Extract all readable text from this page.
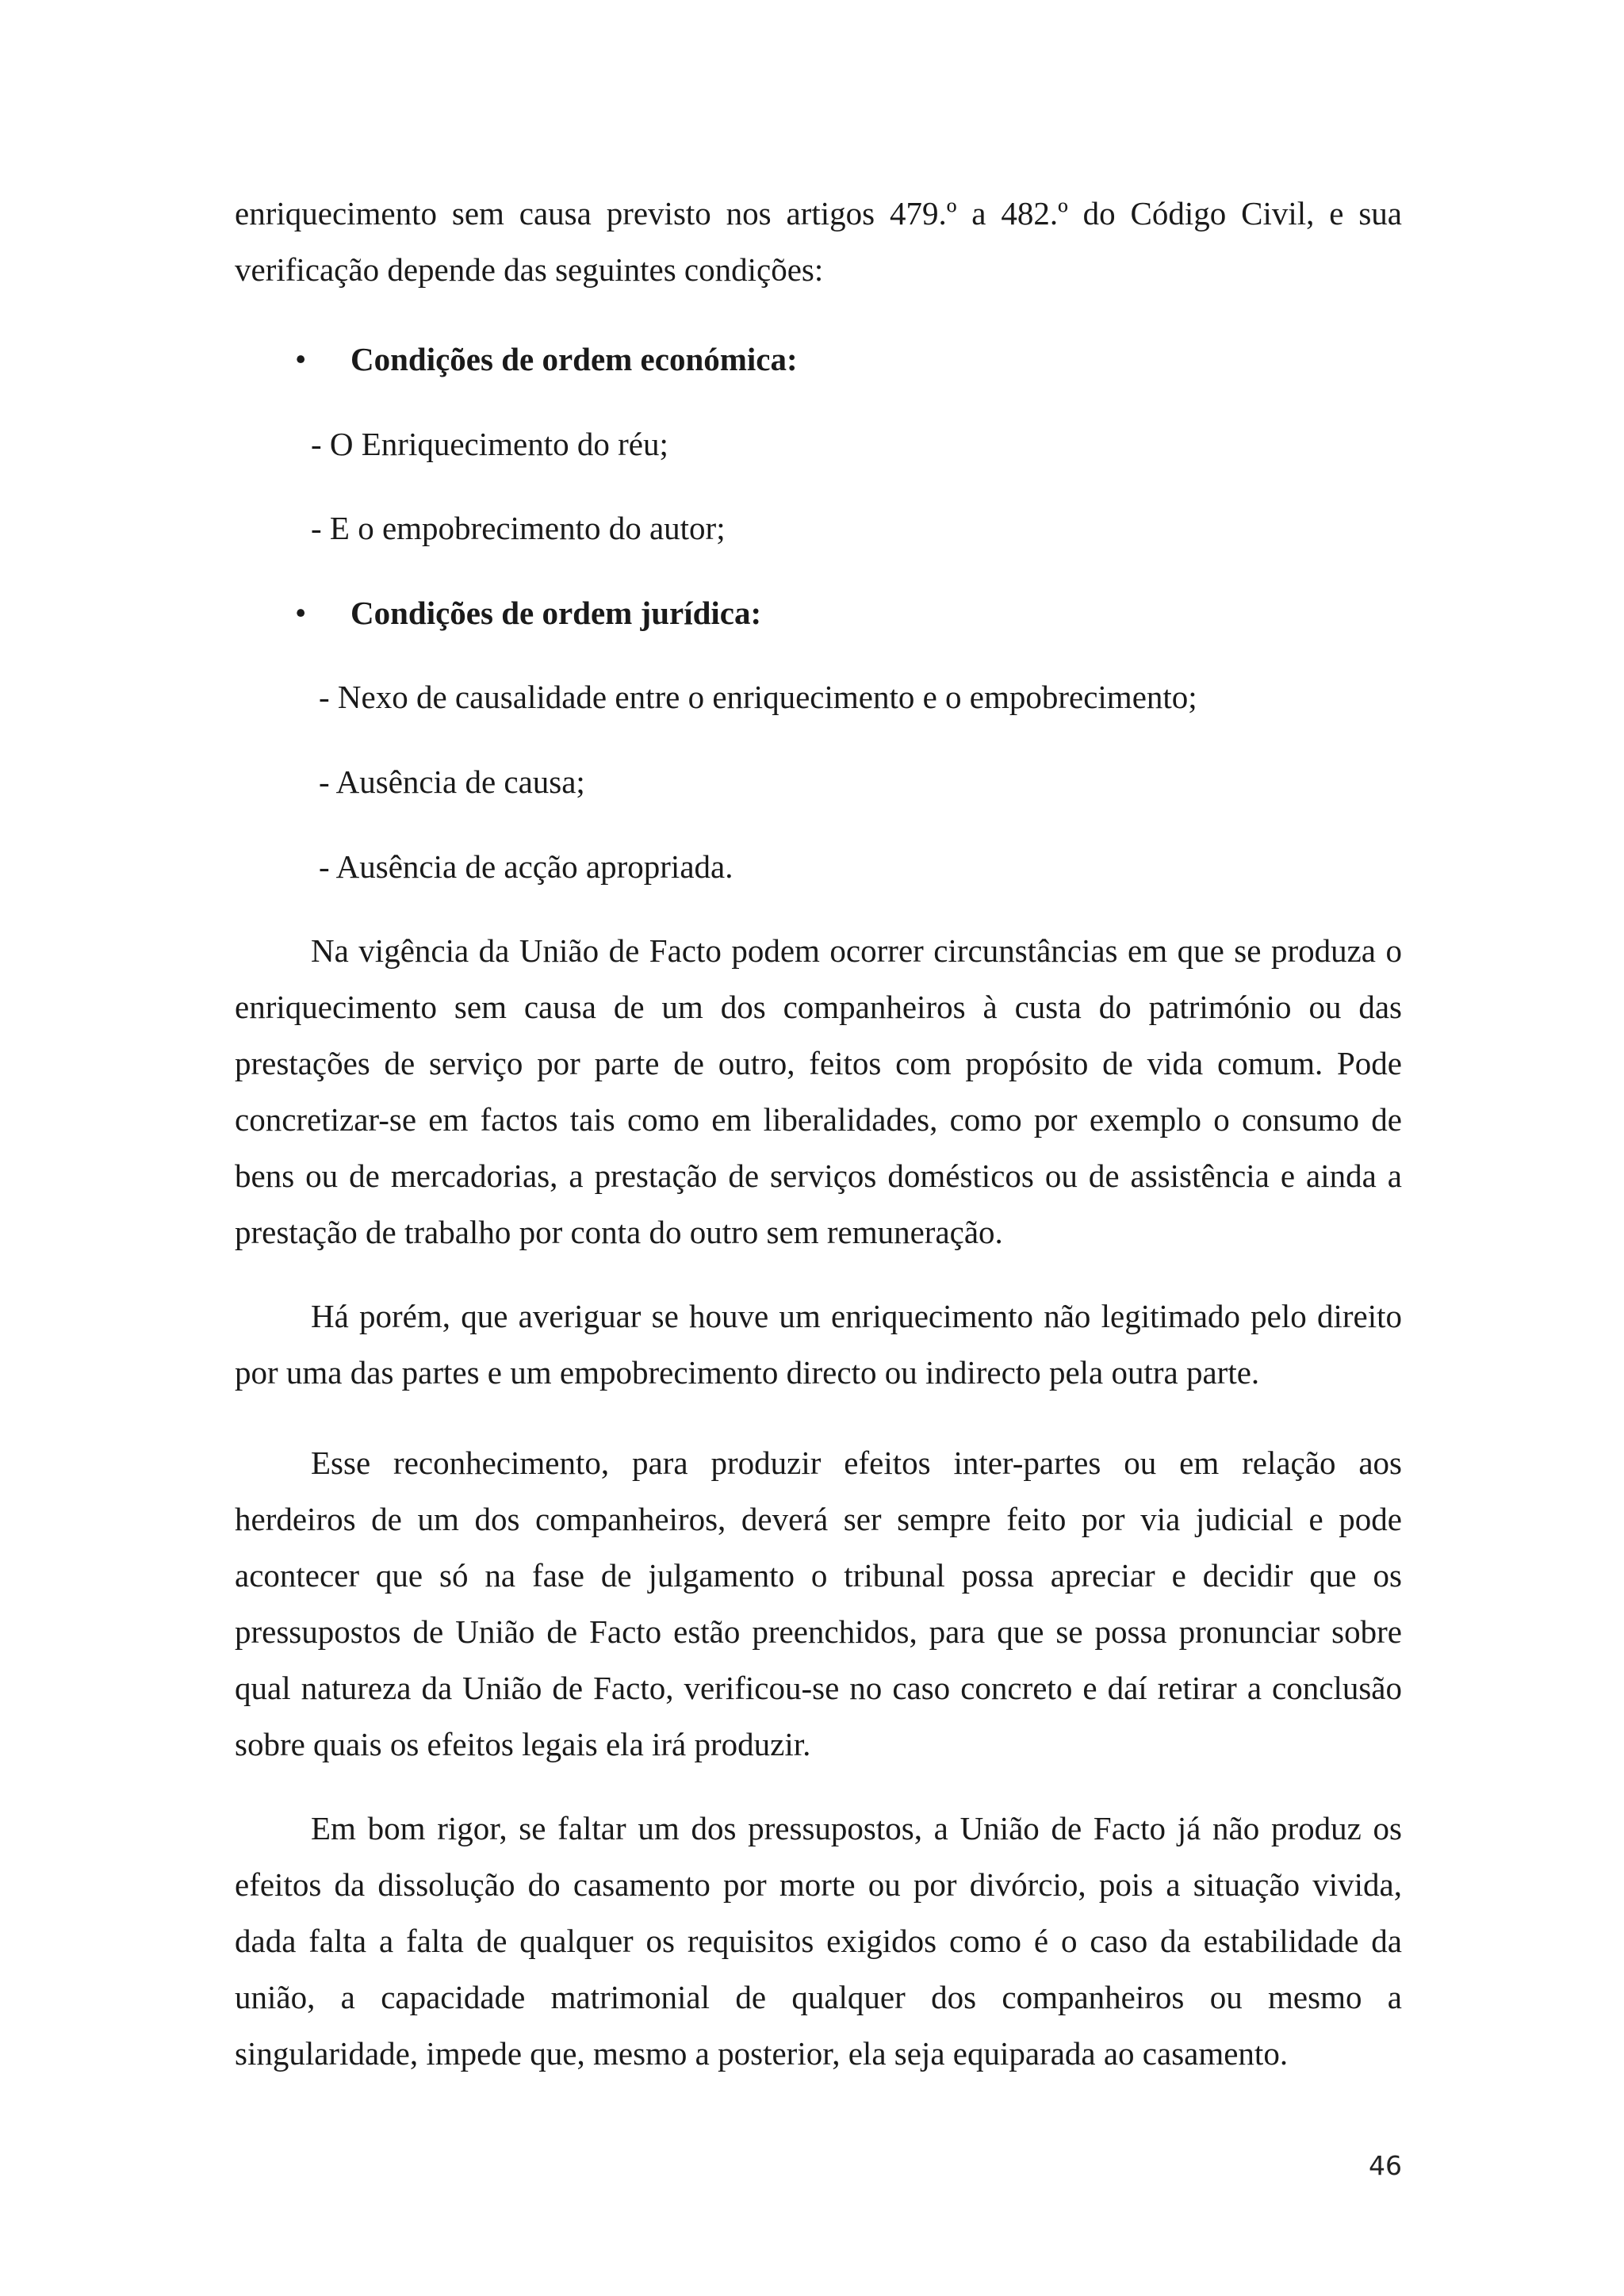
enriquecimento sem causa previsto nos artigos 479.º a 482.º do Código Civil, e sua
verificação depende das seguintes condições:
• Condições de ordem económica:
- O Enriquecimento do réu;
- E o empobrecimento do autor;
• Condições de ordem jurídica:
- Nexo de causalidade entre o enriquecimento e o empobrecimento;
- Ausência de causa;
- Ausência de acção apropriada.
Na vigência da União de Facto podem ocorrer circunstâncias em que se produza o
enriquecimento sem causa de um dos companheiros à custa do património ou das
prestações de serviço por parte de outro, feitos com propósito de vida comum. Pode
concretizar-se em factos tais como em liberalidades, como por exemplo o consumo de
bens ou de mercadorias, a prestação de serviços domésticos ou de assistência e ainda a
prestação de trabalho por conta do outro sem remuneração.
Há porém, que averiguar se houve um enriquecimento não legitimado pelo direito
por uma das partes e um empobrecimento directo ou indirecto pela outra parte.
Esse reconhecimento, para produzir efeitos inter-partes ou em relação aos
herdeiros de um dos companheiros, deverá ser sempre feito por via judicial e pode
acontecer que só na fase de julgamento o tribunal possa apreciar e decidir que os
pressupostos de União de Facto estão preenchidos, para que se possa pronunciar sobre
qual natureza da União de Facto, verificou-se no caso concreto e daí retirar a conclusão
sobre quais os efeitos legais ela irá produzir.
Em bom rigor, se faltar um dos pressupostos, a União de Facto já não produz os
efeitos da dissolução do casamento por morte ou por divórcio, pois a situação vivida,
dada falta a falta de qualquer os requisitos exigidos como é o caso da estabilidade da
união, a capacidade matrimonial de qualquer dos companheiros ou mesmo a
singularidade, impede que, mesmo a posterior, ela seja equiparada ao casamento.
46
